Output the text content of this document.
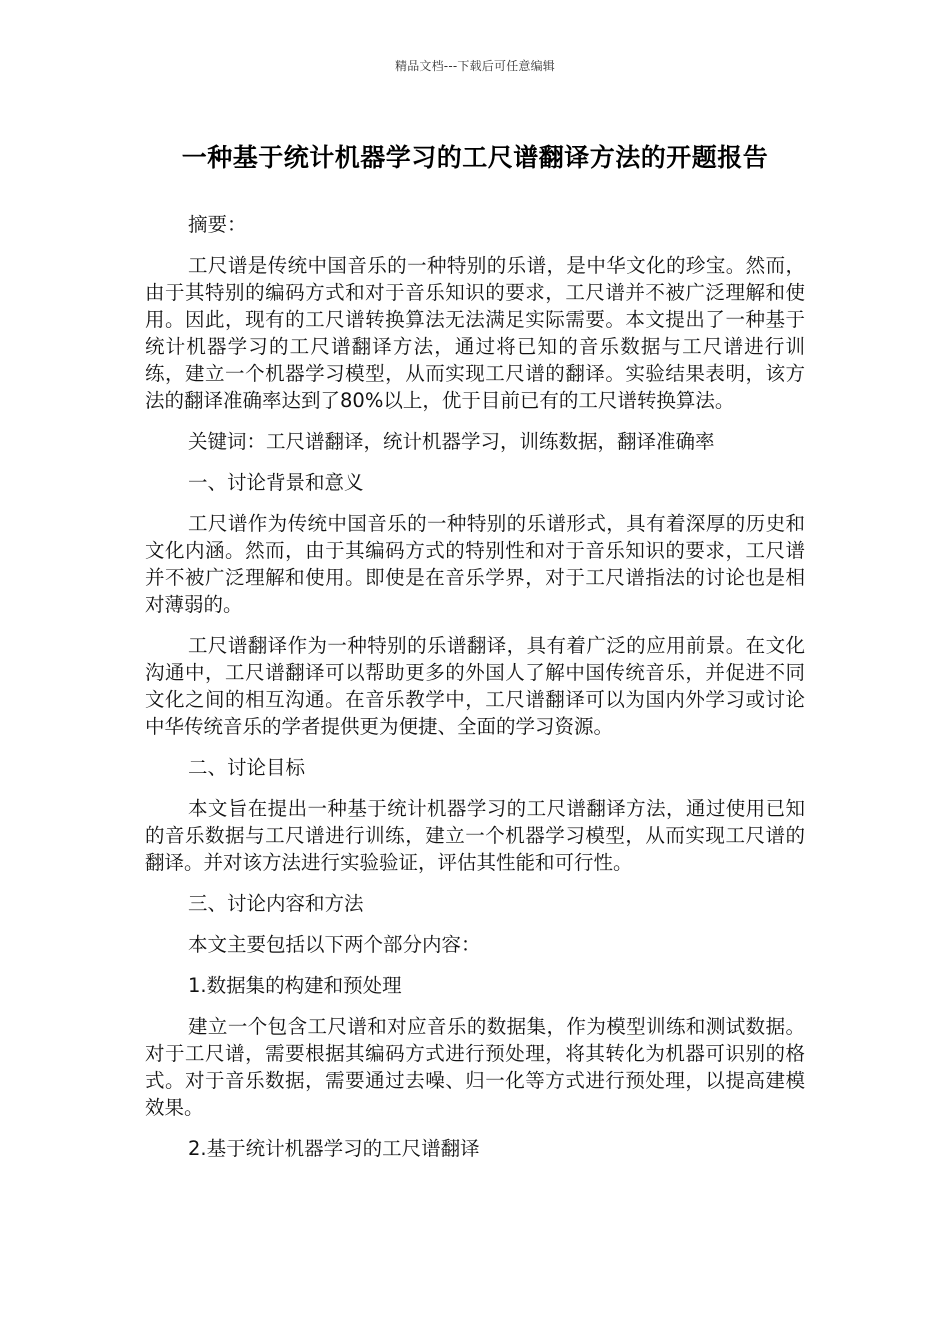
精品文档---下载后可任意编辑
一种基于统计机器学习的工尺谱翻译方法的开题报告

摘要：

工尺谱是传统中国音乐的一种特别的乐谱，是中华文化的珍宝。然而，由于其特别的编码方式和对于音乐知识的要求，工尺谱并不被广泛理解和使用。因此，现有的工尺谱转换算法无法满足实际需要。本文提出了一种基于统计机器学习的工尺谱翻译方法，通过将已知的音乐数据与工尺谱进行训练，建立一个机器学习模型，从而实现工尺谱的翻译。实验结果表明，该方法的翻译准确率达到了80%以上，优于目前已有的工尺谱转换算法。

关键词：工尺谱翻译，统计机器学习，训练数据，翻译准确率

一、讨论背景和意义

工尺谱作为传统中国音乐的一种特别的乐谱形式，具有着深厚的历史和文化内涵。然而，由于其编码方式的特别性和对于音乐知识的要求，工尺谱并不被广泛理解和使用。即使是在音乐学界，对于工尺谱指法的讨论也是相对薄弱的。

工尺谱翻译作为一种特别的乐谱翻译，具有着广泛的应用前景。在文化沟通中，工尺谱翻译可以帮助更多的外国人了解中国传统音乐，并促进不同文化之间的相互沟通。在音乐教学中，工尺谱翻译可以为国内外学习或讨论中华传统音乐的学者提供更为便捷、全面的学习资源。

二、讨论目标

本文旨在提出一种基于统计机器学习的工尺谱翻译方法，通过使用已知的音乐数据与工尺谱进行训练，建立一个机器学习模型，从而实现工尺谱的翻译。并对该方法进行实验验证，评估其性能和可行性。

三、讨论内容和方法

本文主要包括以下两个部分内容：

1.数据集的构建和预处理

建立一个包含工尺谱和对应音乐的数据集，作为模型训练和测试数据。对于工尺谱，需要根据其编码方式进行预处理，将其转化为机器可识别的格式。对于音乐数据，需要通过去噪、归一化等方式进行预处理，以提高建模效果。

2.基于统计机器学习的工尺谱翻译
